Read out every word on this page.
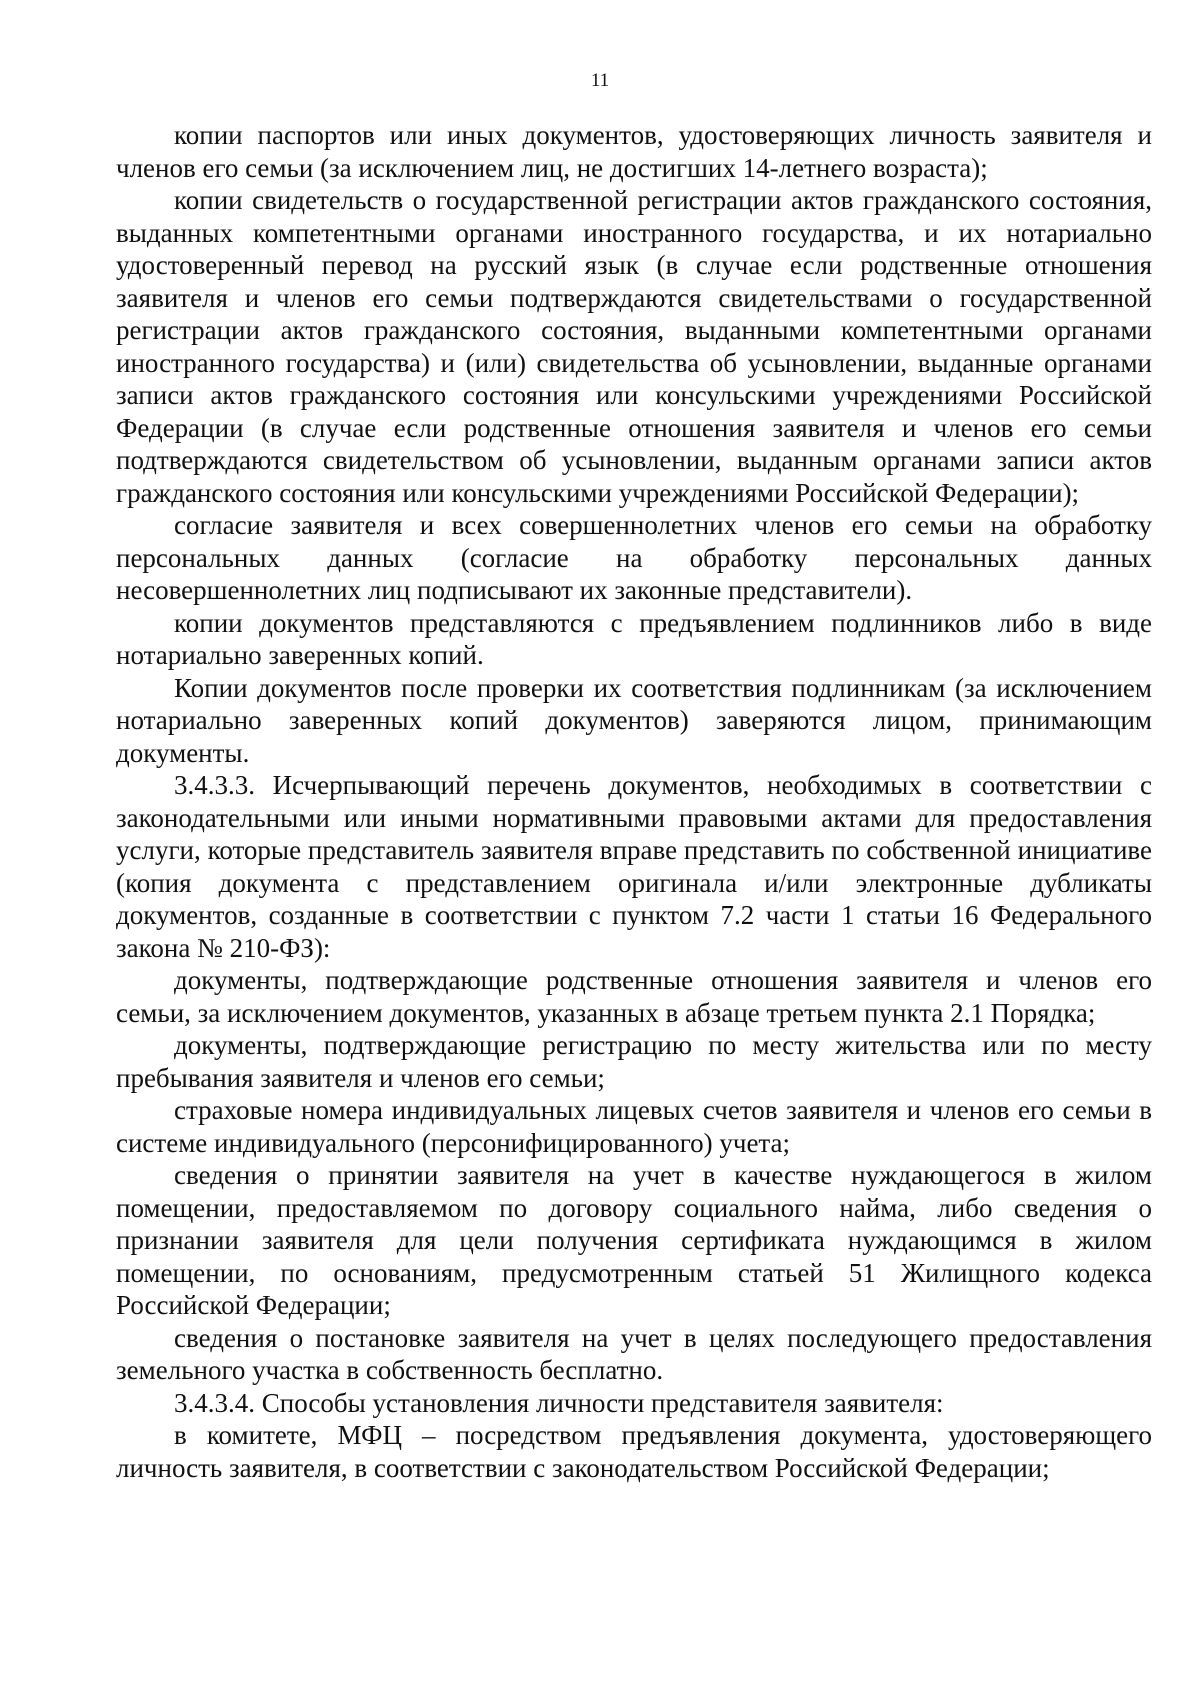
11

копии паспортов или иных документов, удостоверяющих личность заявителя и членов его семьи (за исключением лиц, не достигших 14-летнего возраста);

копии свидетельств о государственной регистрации актов гражданского состояния, выданных компетентными органами иностранного государства, и их нотариально удостоверенный перевод на русский язык (в случае если родственные отношения заявителя и членов его семьи подтверждаются свидетельствами о государственной регистрации актов гражданского состояния, выданными компетентными органами иностранного государства) и (или) свидетельства об усыновлении, выданные органами записи актов гражданского состояния или консульскими учреждениями Российской Федерации (в случае если родственные отношения заявителя и членов его семьи подтверждаются свидетельством об усыновлении, выданным органами записи актов гражданского состояния или консульскими учреждениями Российской Федерации);

согласие заявителя и всех совершеннолетних членов его семьи на обработку персональных данных (согласие на обработку персональных данных несовершеннолетних лиц подписывают их законные представители).

копии документов представляются с предъявлением подлинников либо в виде нотариально заверенных копий.

Копии документов после проверки их соответствия подлинникам (за исключением нотариально заверенных копий документов) заверяются лицом, принимающим документы.

3.4.3.3. Исчерпывающий перечень документов, необходимых в соответствии с законодательными или иными нормативными правовыми актами для предоставления услуги, которые представитель заявителя вправе представить по собственной инициативе (копия документа с представлением оригинала и/или электронные дубликаты документов, созданные в соответствии с пунктом 7.2 части 1 статьи 16 Федерального закона № 210-ФЗ):

документы, подтверждающие родственные отношения заявителя и членов его семьи, за исключением документов, указанных в абзаце третьем пункта 2.1 Порядка;

документы, подтверждающие регистрацию по месту жительства или по месту пребывания заявителя и членов его семьи;

страховые номера индивидуальных лицевых счетов заявителя и членов его семьи в системе индивидуального (персонифицированного) учета;

сведения о принятии заявителя на учет в качестве нуждающегося в жилом помещении, предоставляемом по договору социального найма, либо сведения о признании заявителя для цели получения сертификата нуждающимся в жилом помещении, по основаниям, предусмотренным статьей 51 Жилищного кодекса Российской Федерации;

сведения о постановке заявителя на учет в целях последующего предоставления земельного участка в собственность бесплатно.

3.4.3.4. Способы установления личности представителя заявителя:

в комитете, МФЦ – посредством предъявления документа, удостоверяющего личность заявителя, в соответствии с законодательством Российской Федерации;
